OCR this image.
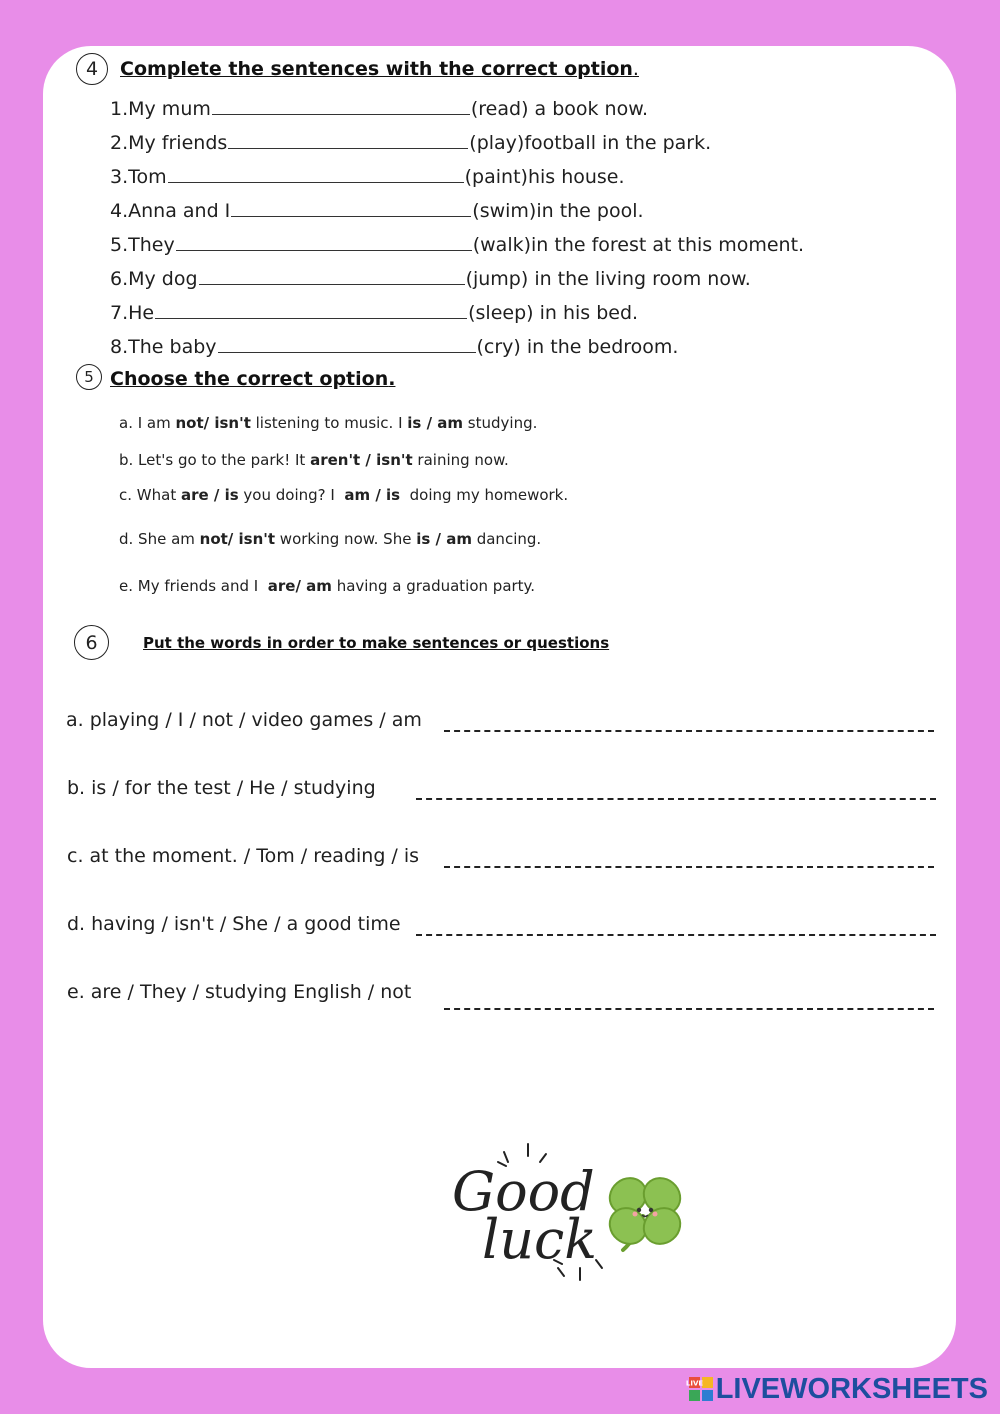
4 Complete the sentences with the correct option.
1.My mum	(read) a book now.
2.My friends	(play)football in the park.
3.Tom	(paint)his house.
4.Anna and I	(swim)in the pool.
5.They	(walk)in the forest at this moment.
6.My dog	(jump) in the living room now.
7.He	(sleep) in his bed.
8.The baby	(cry) in the bedroom.
5 Choose the correct option.
a. I am not/ isn't listening to music. I is / am studying.
b. Let's go to the park! It aren't / isn't raining now.
c. What are / is you doing? I  am / is  doing my homework.
d. She am not/ isn't working now. She is / am dancing.
e. My friends and I  are/ am having a graduation party.
6	Put the words in order to make sentences or questions
a. playing / I / not / video games / am
b. is / for the test / He / studying
c. at the moment. / Tom / reading / is
d. having / isn't / She / a good time
e. are / They / studying English / not
Good
luck
LIVE LIVEWORKSHEETS
